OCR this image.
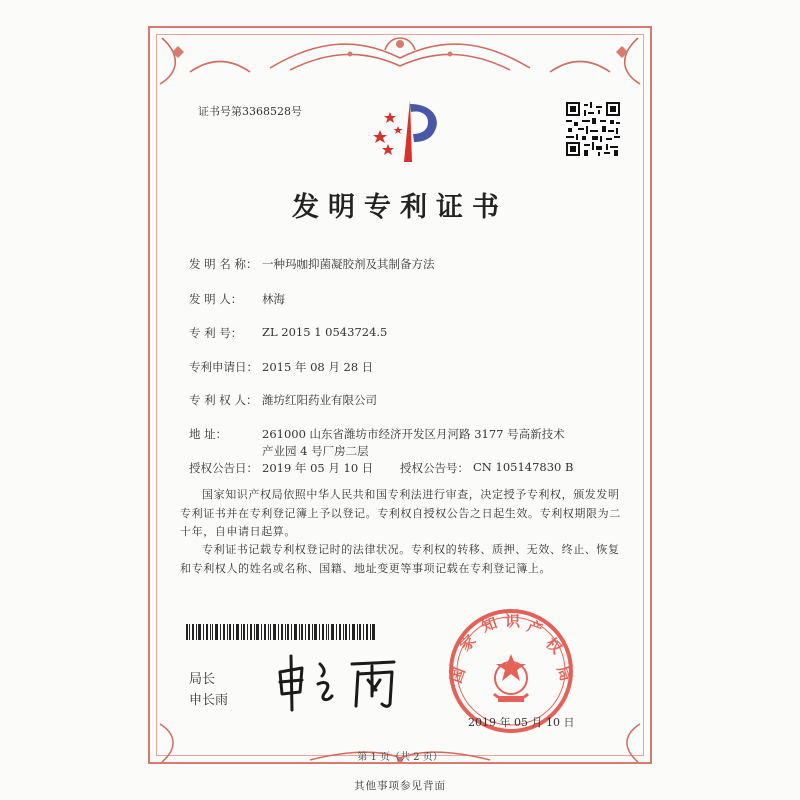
证书号第3368528号
发明专利证书
发 明 名 称： 一种玛咖抑菌凝胶剂及其制备方法
发 明 人： 林海
专 利 号： ZL 2015 1 0543724.5
专利申请日： 2015 年 08 月 28 日
专 利 权 人： 潍坊红阳药业有限公司
地 址：	261000 山东省潍坊市经济开发区月河路 3177 号高新技术
产业园 4 号厂房二层
授权公告日： 2019 年 05 月 10 日 授权公告号： CN 105147830 B
国家知识产权局依照中华人民共和国专利法进行审查，决定授予专利权，颁发发明专利证书并在专利登记簿上予以登记。专利权自授权公告之日起生效。专利权期限为二十年，自申请日起算。
专利证书记载专利权登记时的法律状况。专利权的转移、质押、无效、终止、恢复和专利权人的姓名或名称、国籍、地址变更等事项记载在专利登记簿上。
局长
申长雨
国
家
知 识 产
权
局
2019 年 05 月 10 日
第 1 页（共 2 页）
其他事项参见背面
